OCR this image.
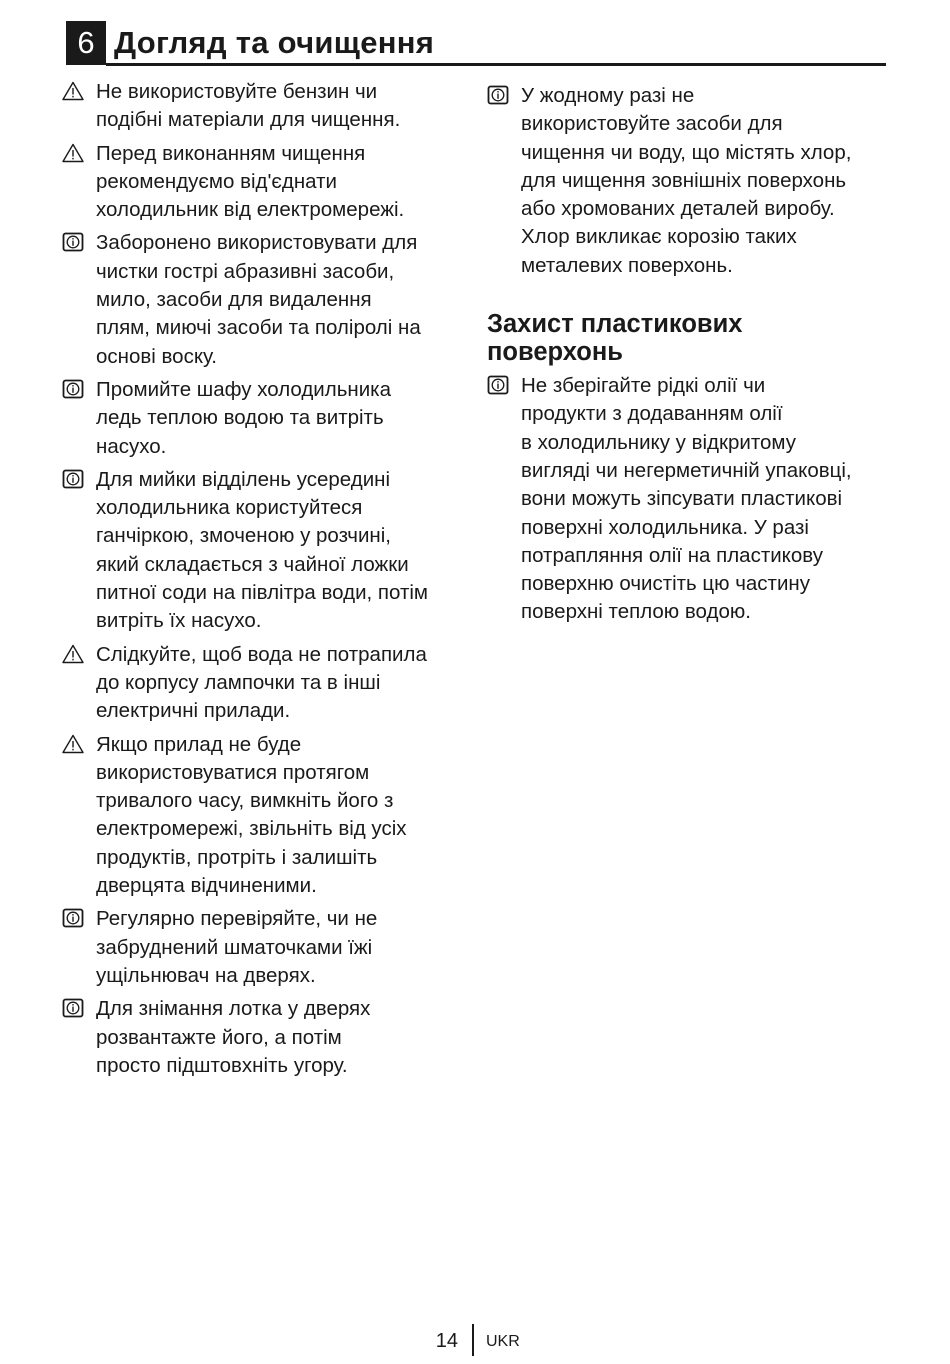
6 Догляд та очищення
Не використовуйте бензин чи
подібні матеріали для чищення.
Перед виконанням чищення
рекомендуємо від'єднати
холодильник від електромережі.
Заборонено використовувати для
чистки гострі абразивні засоби,
мило, засоби для видалення
плям, миючі засоби та поліролі на
основі воску.
Промийте шафу холодильника
ледь теплою водою та витріть
насухо.
Для мийки відділень усередині
холодильника користуйтеся
ганчіркою, змоченою у розчині,
який складається з чайної ложки
питної соди на півлітра води, потім
витріть їх насухо.
Слідкуйте, щоб вода не потрапила
до корпусу лампочки та в інші
електричні прилади.
Якщо прилад не буде
використовуватися протягом
тривалого часу, вимкніть його з
електромережі, звільніть від усіх
продуктів, протріть і залишіть
дверцята відчиненими.
Регулярно перевіряйте, чи не
забруднений шматочками їжі
ущільнювач на дверях.
Для знімання лотка у дверях
розвантажте його, а потім
просто підштовхніть угору.
У жодному разі не
використовуйте засоби для
чищення чи воду, що містять хлор,
для чищення зовнішніх поверхонь
або хромованих деталей виробу.
Хлор викликає корозію таких
металевих поверхонь.
Захист пластикових
поверхонь
Не зберігайте рідкі олії чи
продукти з додаванням олії
в холодильнику у відкритому
вигляді чи негерметичній упаковці,
вони можуть зіпсувати пластикові
поверхні холодильника. У разі
потрапляння олії на пластикову
поверхню очистіть цю частину
поверхні теплою водою.
14 UKR
